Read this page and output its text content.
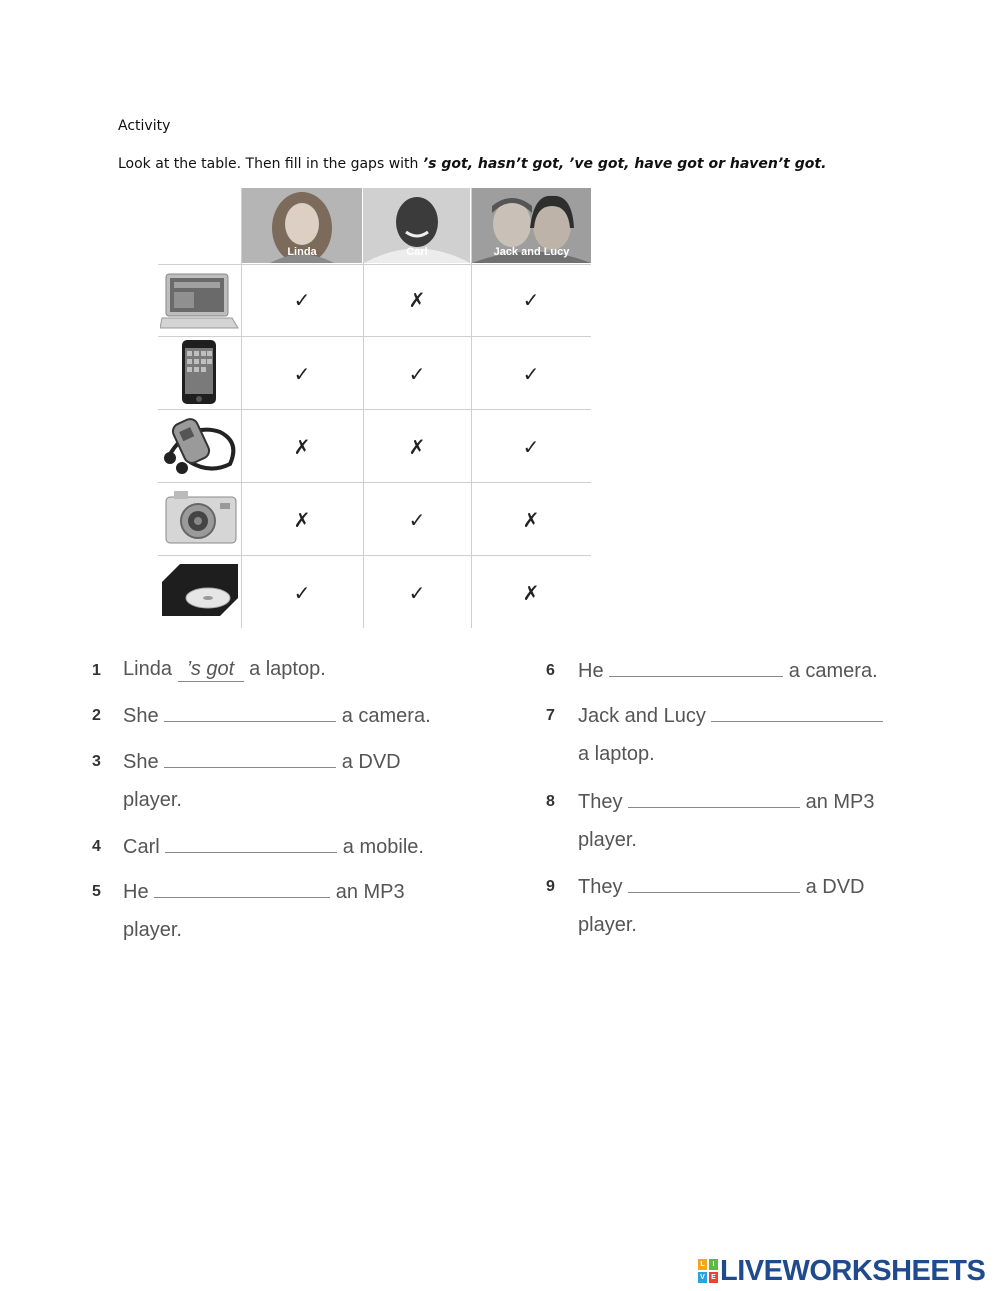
Activity
Look at the table. Then fill in the gaps with ’s got, hasn’t got, ’ve got, have got or haven’t got.
Linda	Carl	Jack and Lucy
✓	✗	✓
✓	✓	✓
✗	✗	✓
✗	✓	✗
✓	✓	✗
1 Linda ’s got a laptop.
2 She	a camera.
3 She	a DVD
player.
4 Carl	a mobile.
5 He	an MP3
player.
6 He	a camera.
7 Jack and Lucy
a laptop.
8 They	an MP3
player.
9 They	a DVD
player.
L	I
V E LIVEWORKSHEETS
